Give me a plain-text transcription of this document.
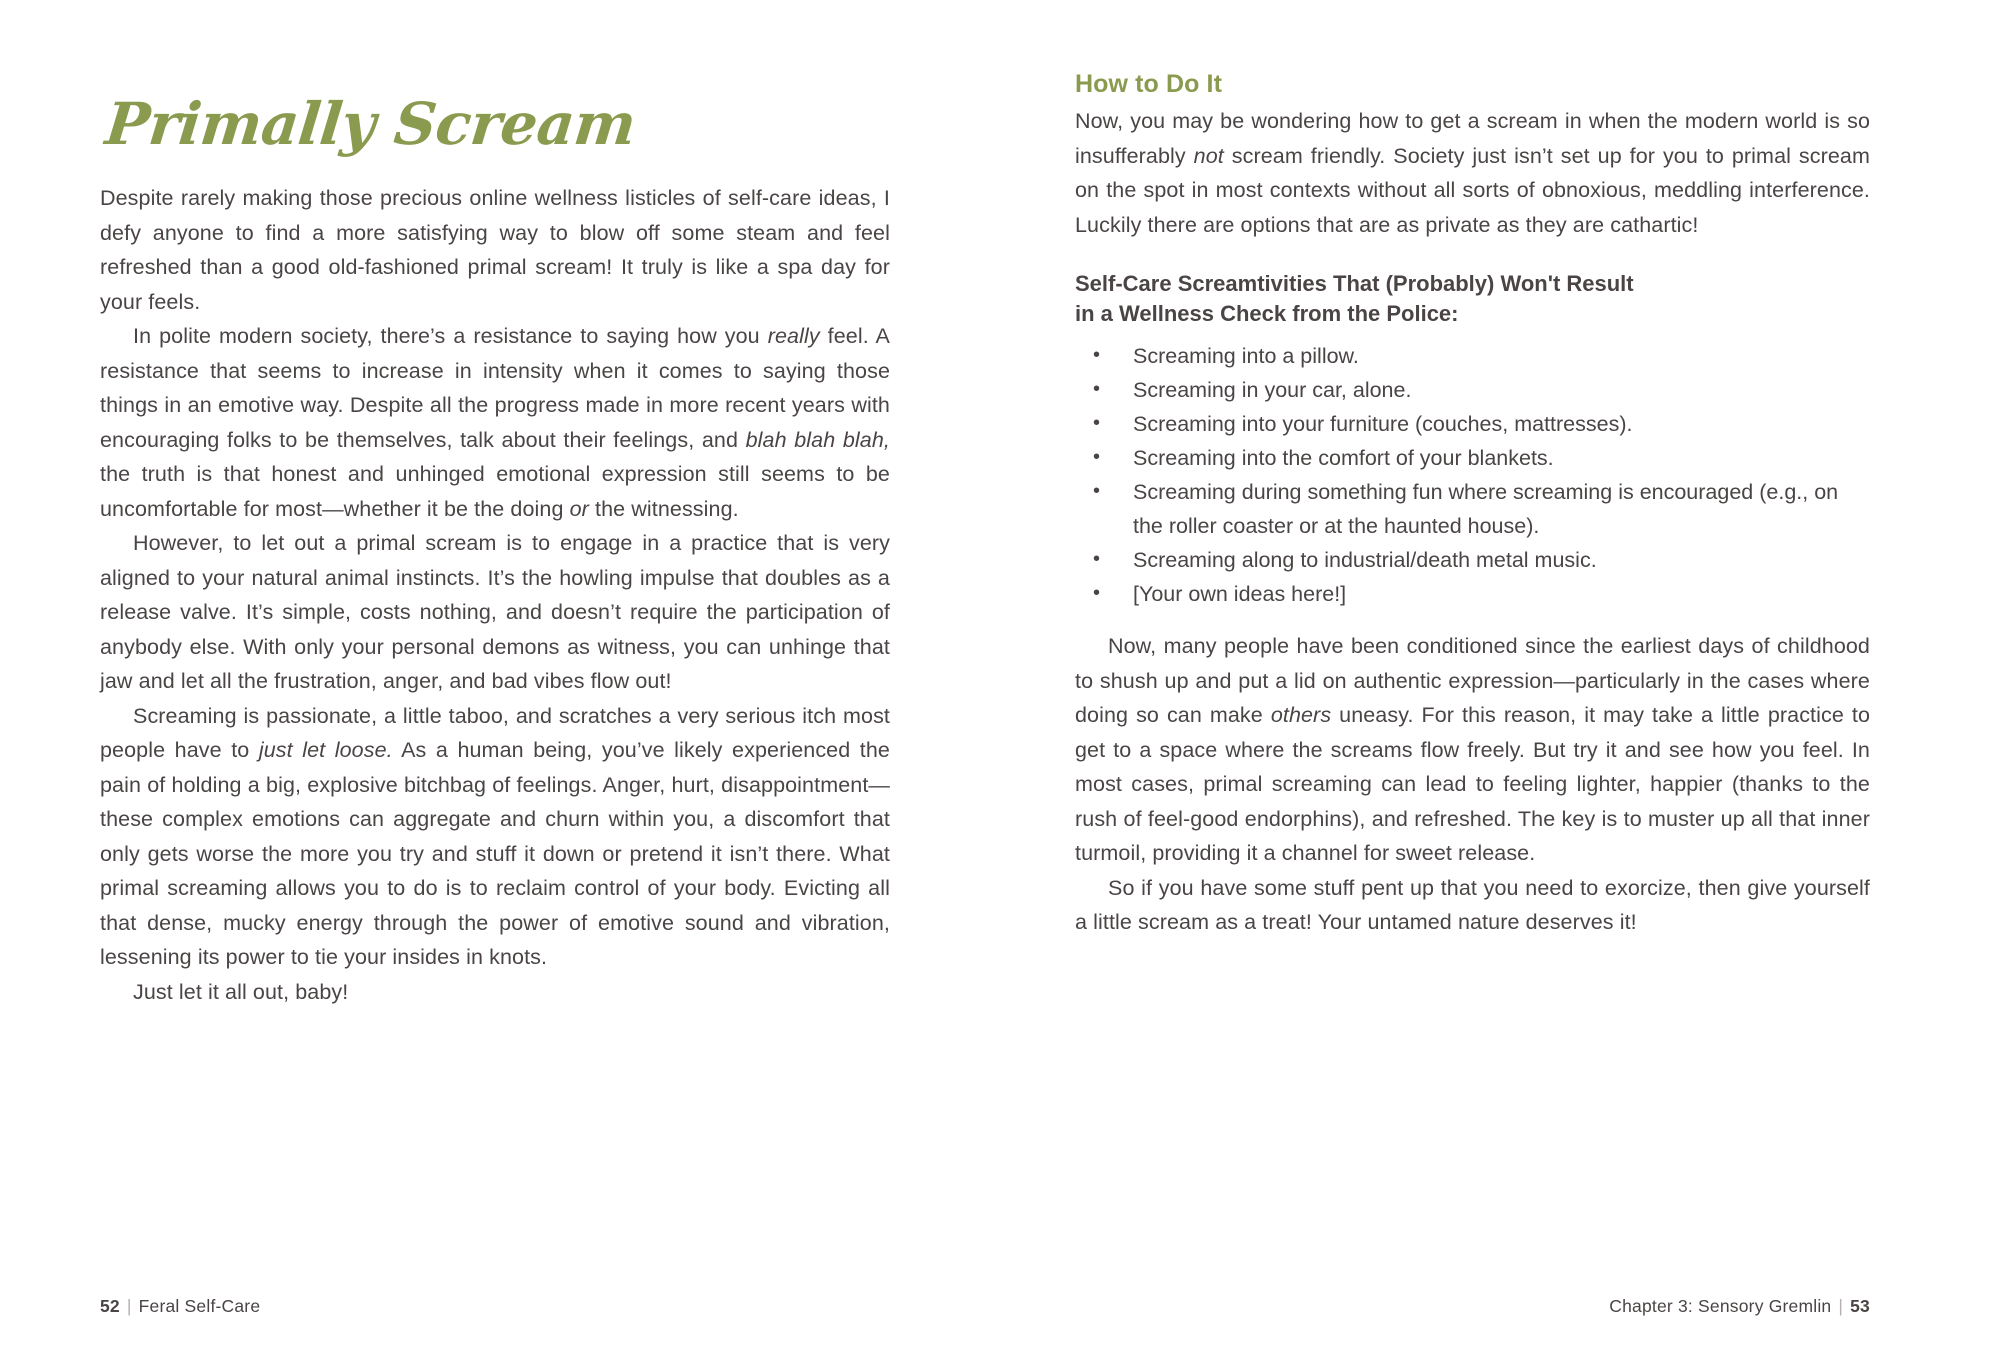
Primally Scream

Despite rarely making those precious online wellness listicles of self-care ideas, I defy anyone to find a more satisfying way to blow off some steam and feel refreshed than a good old-fashioned primal scream! It truly is like a spa day for your feels.

In polite modern society, there’s a resistance to saying how you really feel. A resistance that seems to increase in intensity when it comes to saying those things in an emotive way. Despite all the progress made in more recent years with encouraging folks to be themselves, talk about their feelings, and blah blah blah, the truth is that honest and unhinged emotional expression still seems to be uncomfortable for most—whether it be the doing or the witnessing.

However, to let out a primal scream is to engage in a practice that is very aligned to your natural animal instincts. It’s the howling impulse that doubles as a release valve. It’s simple, costs nothing, and doesn’t require the participation of anybody else. With only your personal demons as witness, you can unhinge that jaw and let all the frustration, anger, and bad vibes flow out!

Screaming is passionate, a little taboo, and scratches a very serious itch most people have to just let loose. As a human being, you’ve likely experienced the pain of holding a big, explosive bitchbag of feelings. Anger, hurt, disappointment—these complex emotions can aggregate and churn within you, a discomfort that only gets worse the more you try and stuff it down or pretend it isn’t there. What primal screaming allows you to do is to reclaim control of your body. Evicting all that dense, mucky energy through the power of emotive sound and vibration, lessening its power to tie your insides in knots.

Just let it all out, baby!

52 | Feral Self-Care
How to Do It

Now, you may be wondering how to get a scream in when the modern world is so insufferably not scream friendly. Society just isn’t set up for you to primal scream on the spot in most contexts without all sorts of obnoxious, meddling interference. Luckily there are options that are as private as they are cathartic!

Self-Care Screamtivities That (Probably) Won't Result
in a Wellness Check from the Police:
• Screaming into a pillow.
• Screaming in your car, alone.
• Screaming into your furniture (couches, mattresses).
• Screaming into the comfort of your blankets.
• Screaming during something fun where screaming is encouraged (e.g., on the roller coaster or at the haunted house).
• Screaming along to industrial/death metal music.
• [Your own ideas here!]

Now, many people have been conditioned since the earliest days of childhood to shush up and put a lid on authentic expression—particularly in the cases where doing so can make others uneasy. For this reason, it may take a little practice to get to a space where the screams flow freely. But try it and see how you feel. In most cases, primal screaming can lead to feeling lighter, happier (thanks to the rush of feel-good endorphins), and refreshed. The key is to muster up all that inner turmoil, providing it a channel for sweet release.

So if you have some stuff pent up that you need to exorcize, then give yourself a little scream as a treat! Your untamed nature deserves it!

Chapter 3: Sensory Gremlin | 53
